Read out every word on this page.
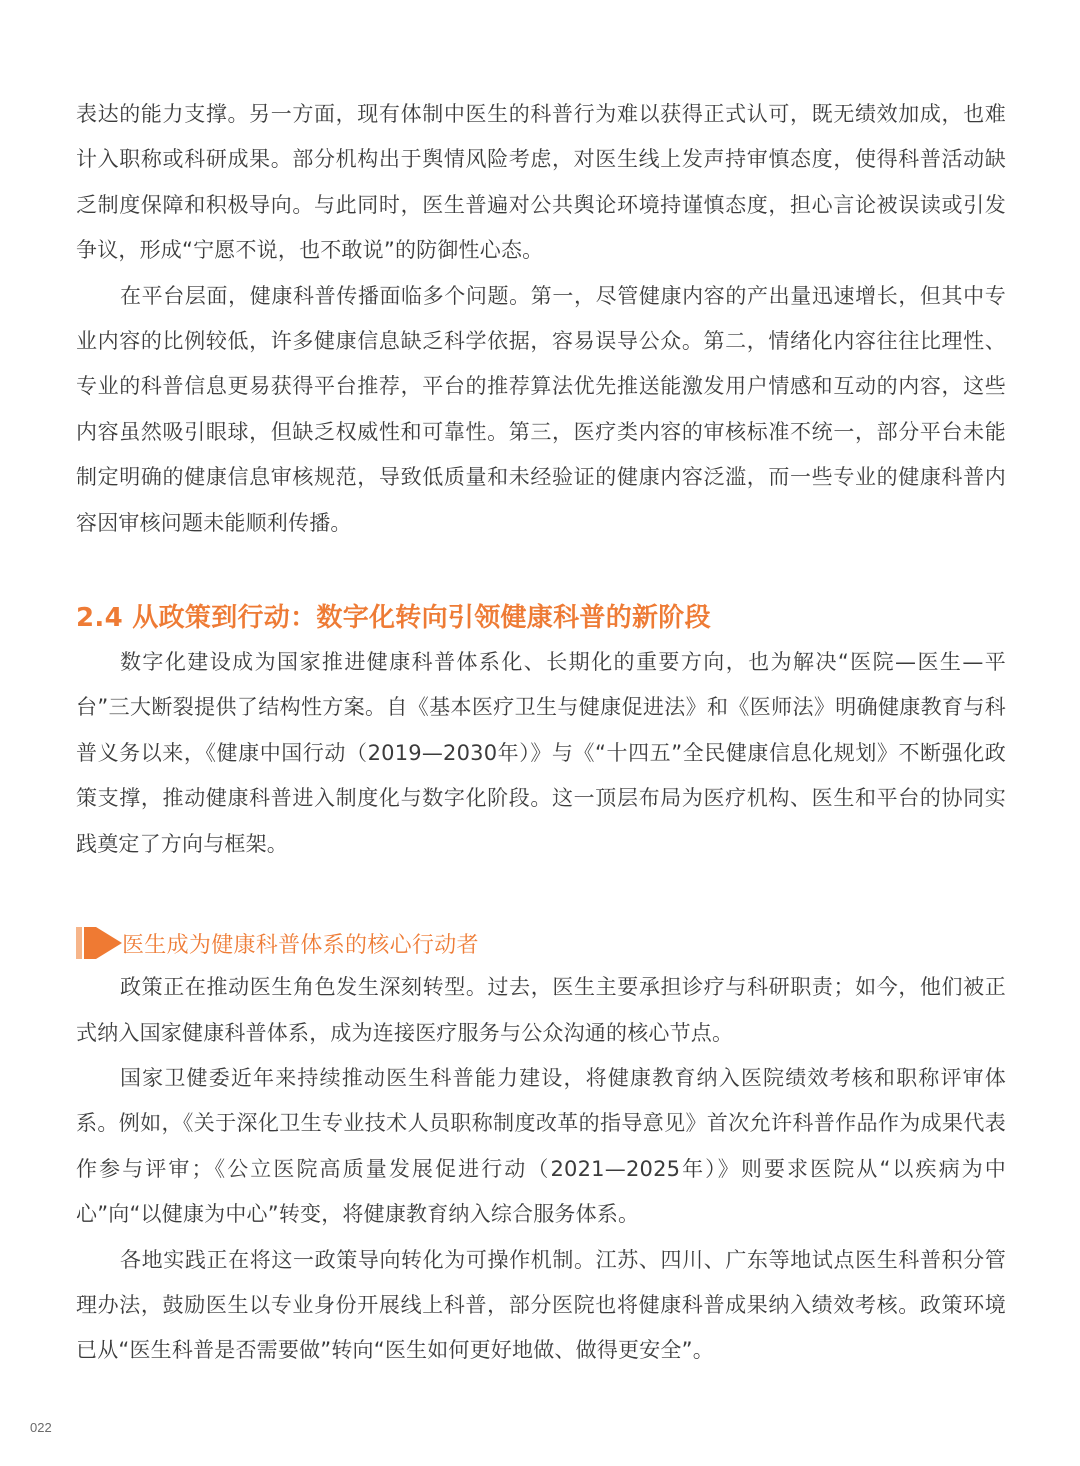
表达的能力支撑。另一方面，现有体制中医生的科普行为难以获得正式认可，既无绩效加成，也难计入职称或科研成果。部分机构出于舆情风险考虑，对医生线上发声持审慎态度，使得科普活动缺乏制度保障和积极导向。与此同时，医生普遍对公共舆论环境持谨慎态度，担心言论被误读或引发争议，形成“宁愿不说，也不敢说”的防御性心态。

在平台层面，健康科普传播面临多个问题。第一，尽管健康内容的产出量迅速增长，但其中专业内容的比例较低，许多健康信息缺乏科学依据，容易误导公众。第二，情绪化内容往往比理性、专业的科普信息更易获得平台推荐，平台的推荐算法优先推送能激发用户情感和互动的内容，这些内容虽然吸引眼球，但缺乏权威性和可靠性。第三，医疗类内容的审核标准不统一，部分平台未能制定明确的健康信息审核规范，导致低质量和未经验证的健康内容泛滥，而一些专业的健康科普内容因审核问题未能顺利传播。

2.4 从政策到行动：数字化转向引领健康科普的新阶段

数字化建设成为国家推进健康科普体系化、长期化的重要方向，也为解决“医院—医生—平台”三大断裂提供了结构性方案。自《基本医疗卫生与健康促进法》和《医师法》明确健康教育与科普义务以来，《健康中国行动（2019—2030年）》与《“十四五”全民健康信息化规划》不断强化政策支撑，推动健康科普进入制度化与数字化阶段。这一顶层布局为医疗机构、医生和平台的协同实践奠定了方向与框架。

医生成为健康科普体系的核心行动者

政策正在推动医生角色发生深刻转型。过去，医生主要承担诊疗与科研职责；如今，他们被正式纳入国家健康科普体系，成为连接医疗服务与公众沟通的核心节点。

国家卫健委近年来持续推动医生科普能力建设，将健康教育纳入医院绩效考核和职称评审体系。例如，《关于深化卫生专业技术人员职称制度改革的指导意见》首次允许科普作品作为成果代表作参与评审；《公立医院高质量发展促进行动（2021—2025年）》则要求医院从“以疾病为中心”向“以健康为中心”转变，将健康教育纳入综合服务体系。

各地实践正在将这一政策导向转化为可操作机制。江苏、四川、广东等地试点医生科普积分管理办法，鼓励医生以专业身份开展线上科普，部分医院也将健康科普成果纳入绩效考核。政策环境已从“医生科普是否需要做”转向“医生如何更好地做、做得更安全”。

022
